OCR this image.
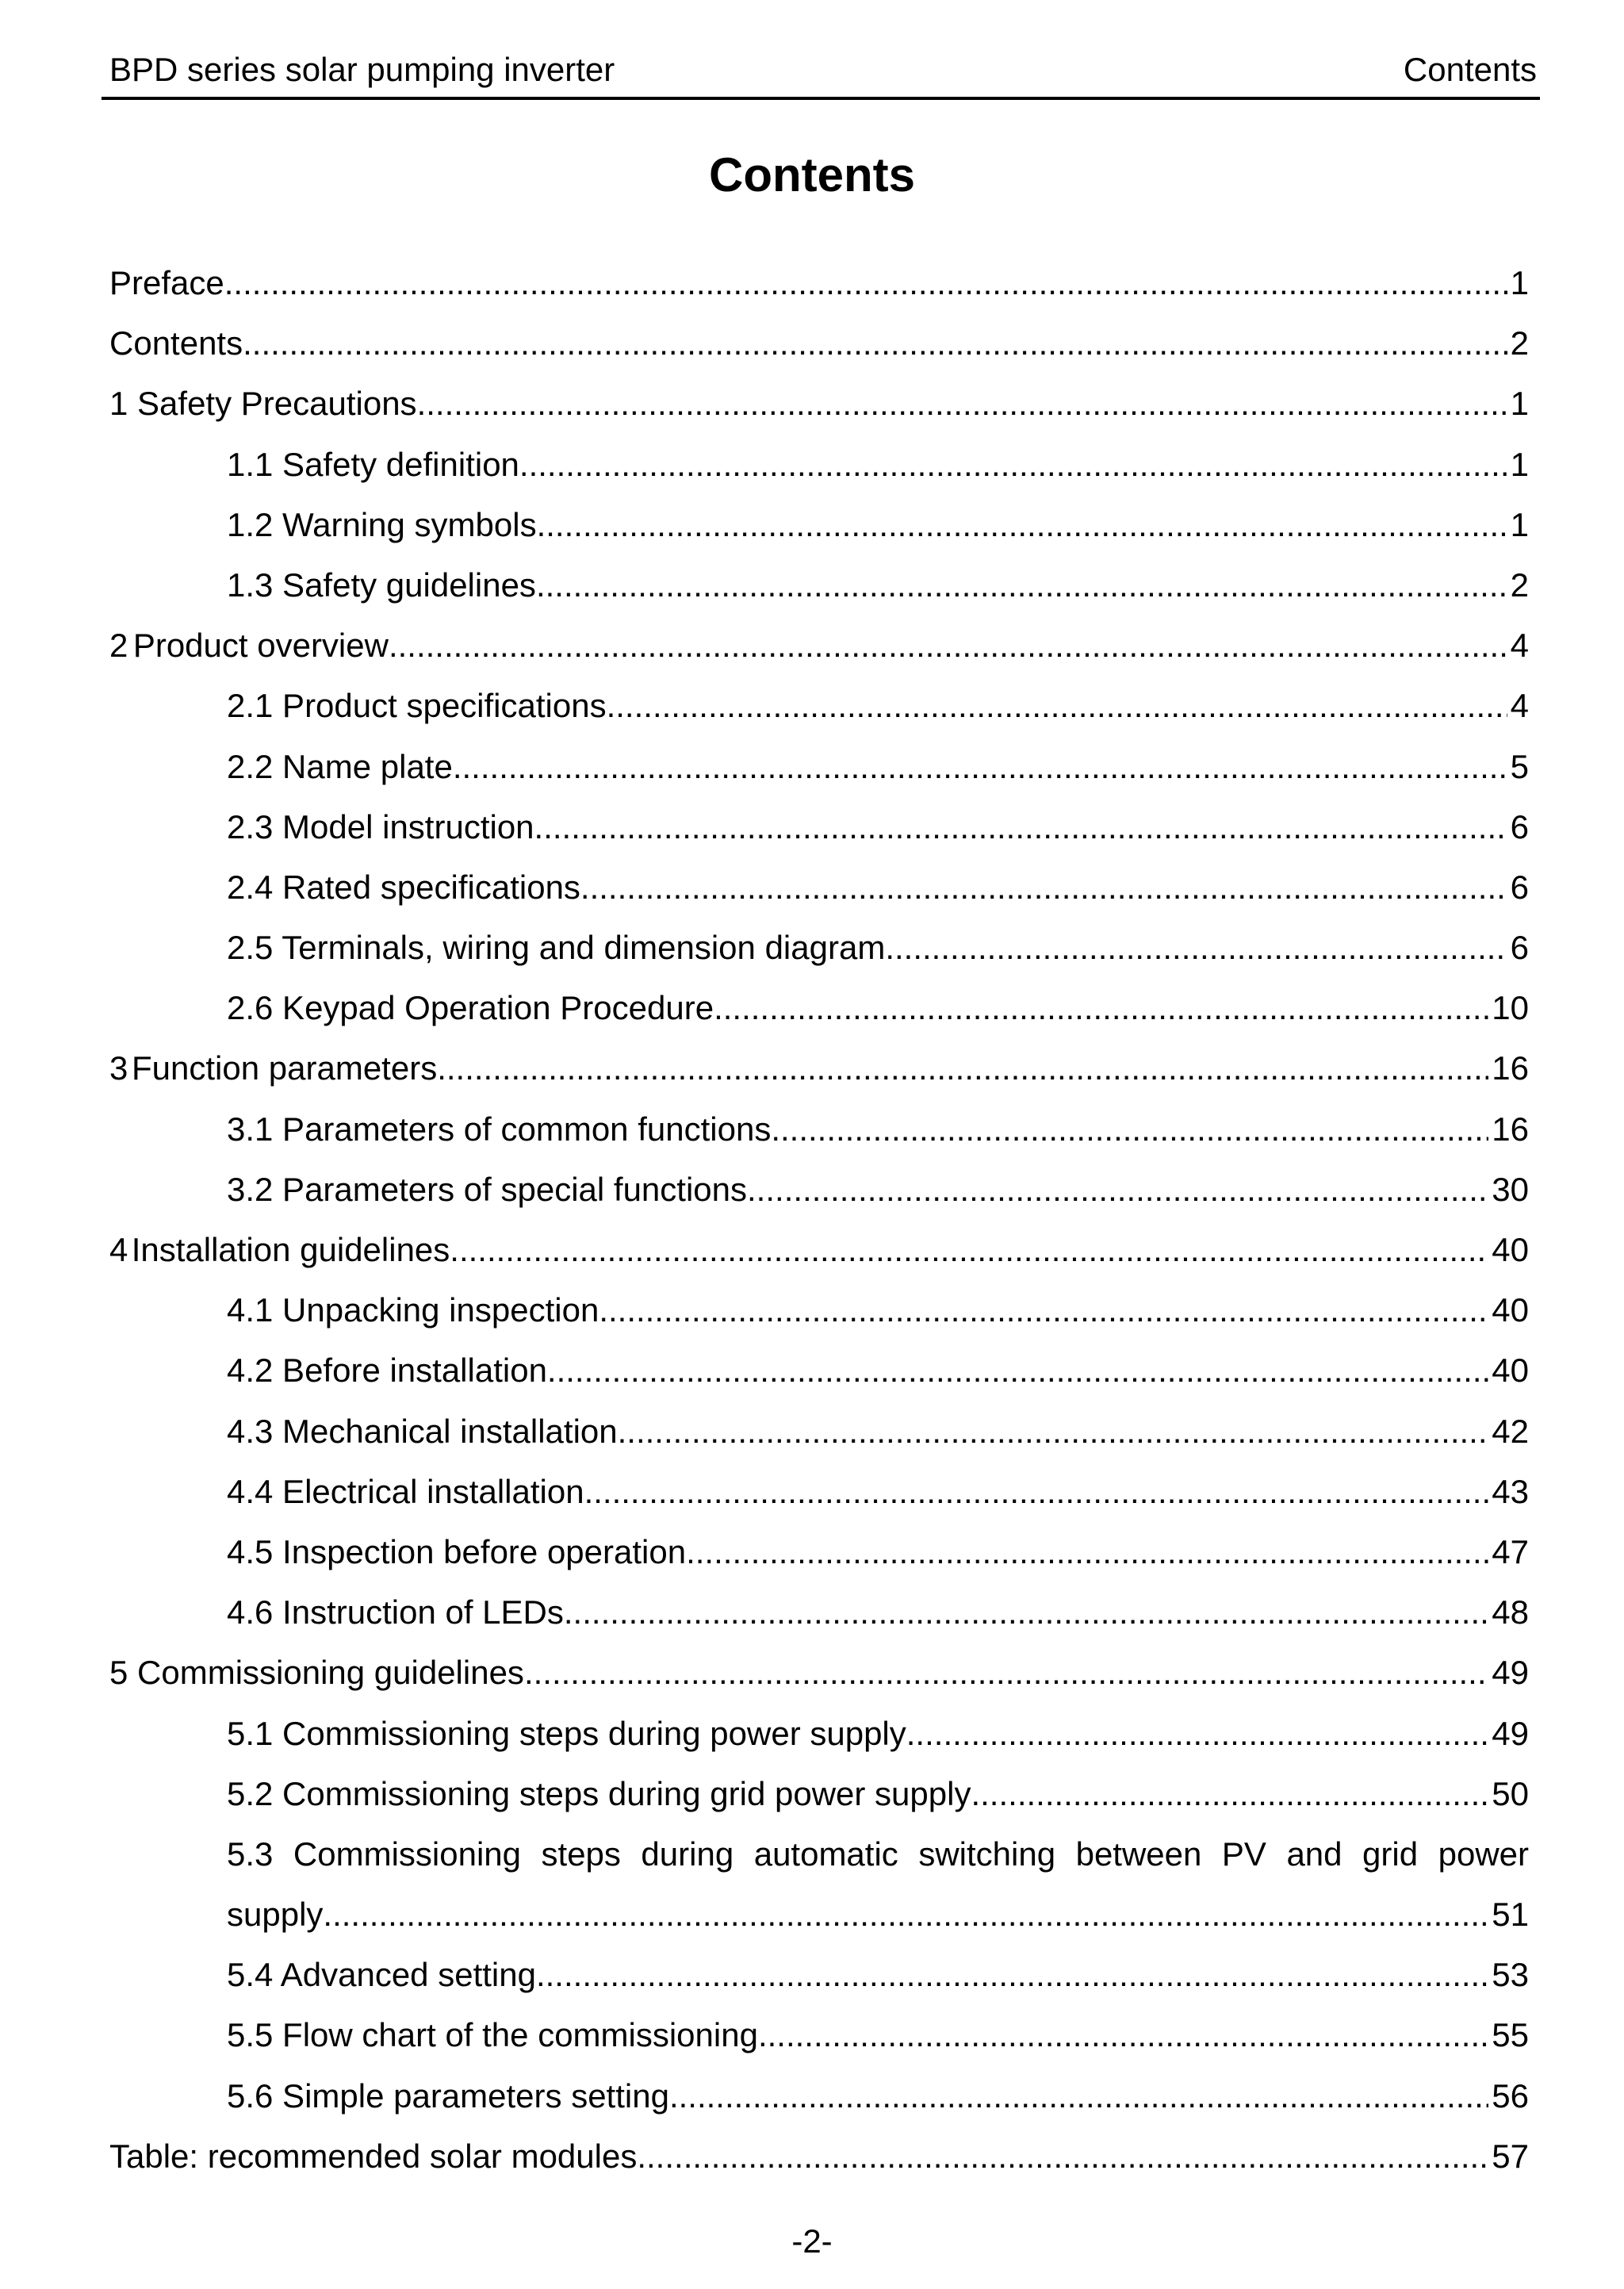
BPD series solar pumping inverter	Contents
Contents
Preface .....	1
Contents .....	2
1 Safety Precautions .....	1
1.1 Safety definition .....	1
1.2 Warning symbols .....	1
1.3 Safety guidelines .....	2
2 Product overview .....	4
2.1 Product specifications .....	4
2.2 Name plate .....	5
2.3 Model instruction .....	6
2.4 Rated specifications .....	6
2.5 Terminals, wiring and dimension diagram .....	6
2.6 Keypad Operation Procedure .....	10
3 Function parameters .....	16
3.1 Parameters of common functions .....	16
3.2 Parameters of special functions .....	30
4 Installation guidelines .....	40
4.1 Unpacking inspection .....	40
4.2 Before installation .....	40
4.3 Mechanical installation .....	42
4.4 Electrical installation .....	43
4.5 Inspection before operation .....	47
4.6 Instruction of LEDs .....	48
5 Commissioning guidelines .....	49
5.1 Commissioning steps during power supply .....	49
5.2 Commissioning steps during grid power supply .....	50
5.3 Commissioning steps during automatic switching between PV and grid power
supply .....	51
5.4 Advanced setting .....	53
5.5 Flow chart of the commissioning .....	55
5.6 Simple parameters setting .....	56
Table: recommended solar modules .....	57
-2-
